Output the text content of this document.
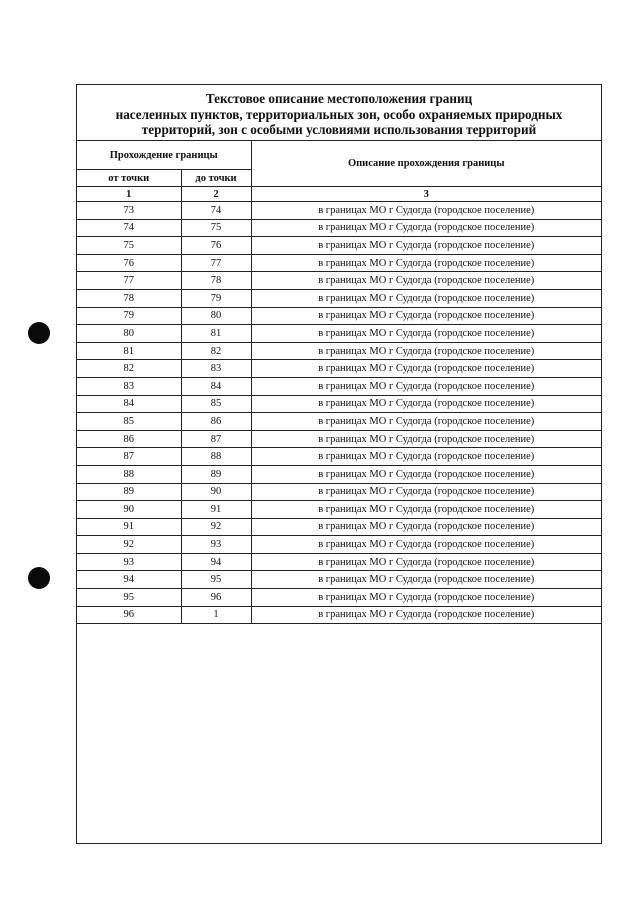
Текстовое описание местоположения границ
населенных пунктов, территориальных зон, особо охраняемых природных
территорий, зон с особыми условиями использования территорий
Прохождение границы		Описание прохождения границы
от точки	до точки	
1	2	3
73	74	в границах МО г Судогда (городское поселение)
74	75	в границах МО г Судогда (городское поселение)
75	76	в границах МО г Судогда (городское поселение)
76	77	в границах МО г Судогда (городское поселение)
77	78	в границах МО г Судогда (городское поселение)
78	79	в границах МО г Судогда (городское поселение)
79	80	в границах МО г Судогда (городское поселение)
80	81	в границах МО г Судогда (городское поселение)
81	82	в границах МО г Судогда (городское поселение)
82	83	в границах МО г Судогда (городское поселение)
83	84	в границах МО г Судогда (городское поселение)
84	85	в границах МО г Судогда (городское поселение)
85	86	в границах МО г Судогда (городское поселение)
86	87	в границах МО г Судогда (городское поселение)
87	88	в границах МО г Судогда (городское поселение)
88	89	в границах МО г Судогда (городское поселение)
89	90	в границах МО г Судогда (городское поселение)
90	91	в границах МО г Судогда (городское поселение)
91	92	в границах МО г Судогда (городское поселение)
92	93	в границах МО г Судогда (городское поселение)
93	94	в границах МО г Судогда (городское поселение)
94	95	в границах МО г Судогда (городское поселение)
95	96	в границах МО г Судогда (городское поселение)
96	1	в границах МО г Судогда (городское поселение)
